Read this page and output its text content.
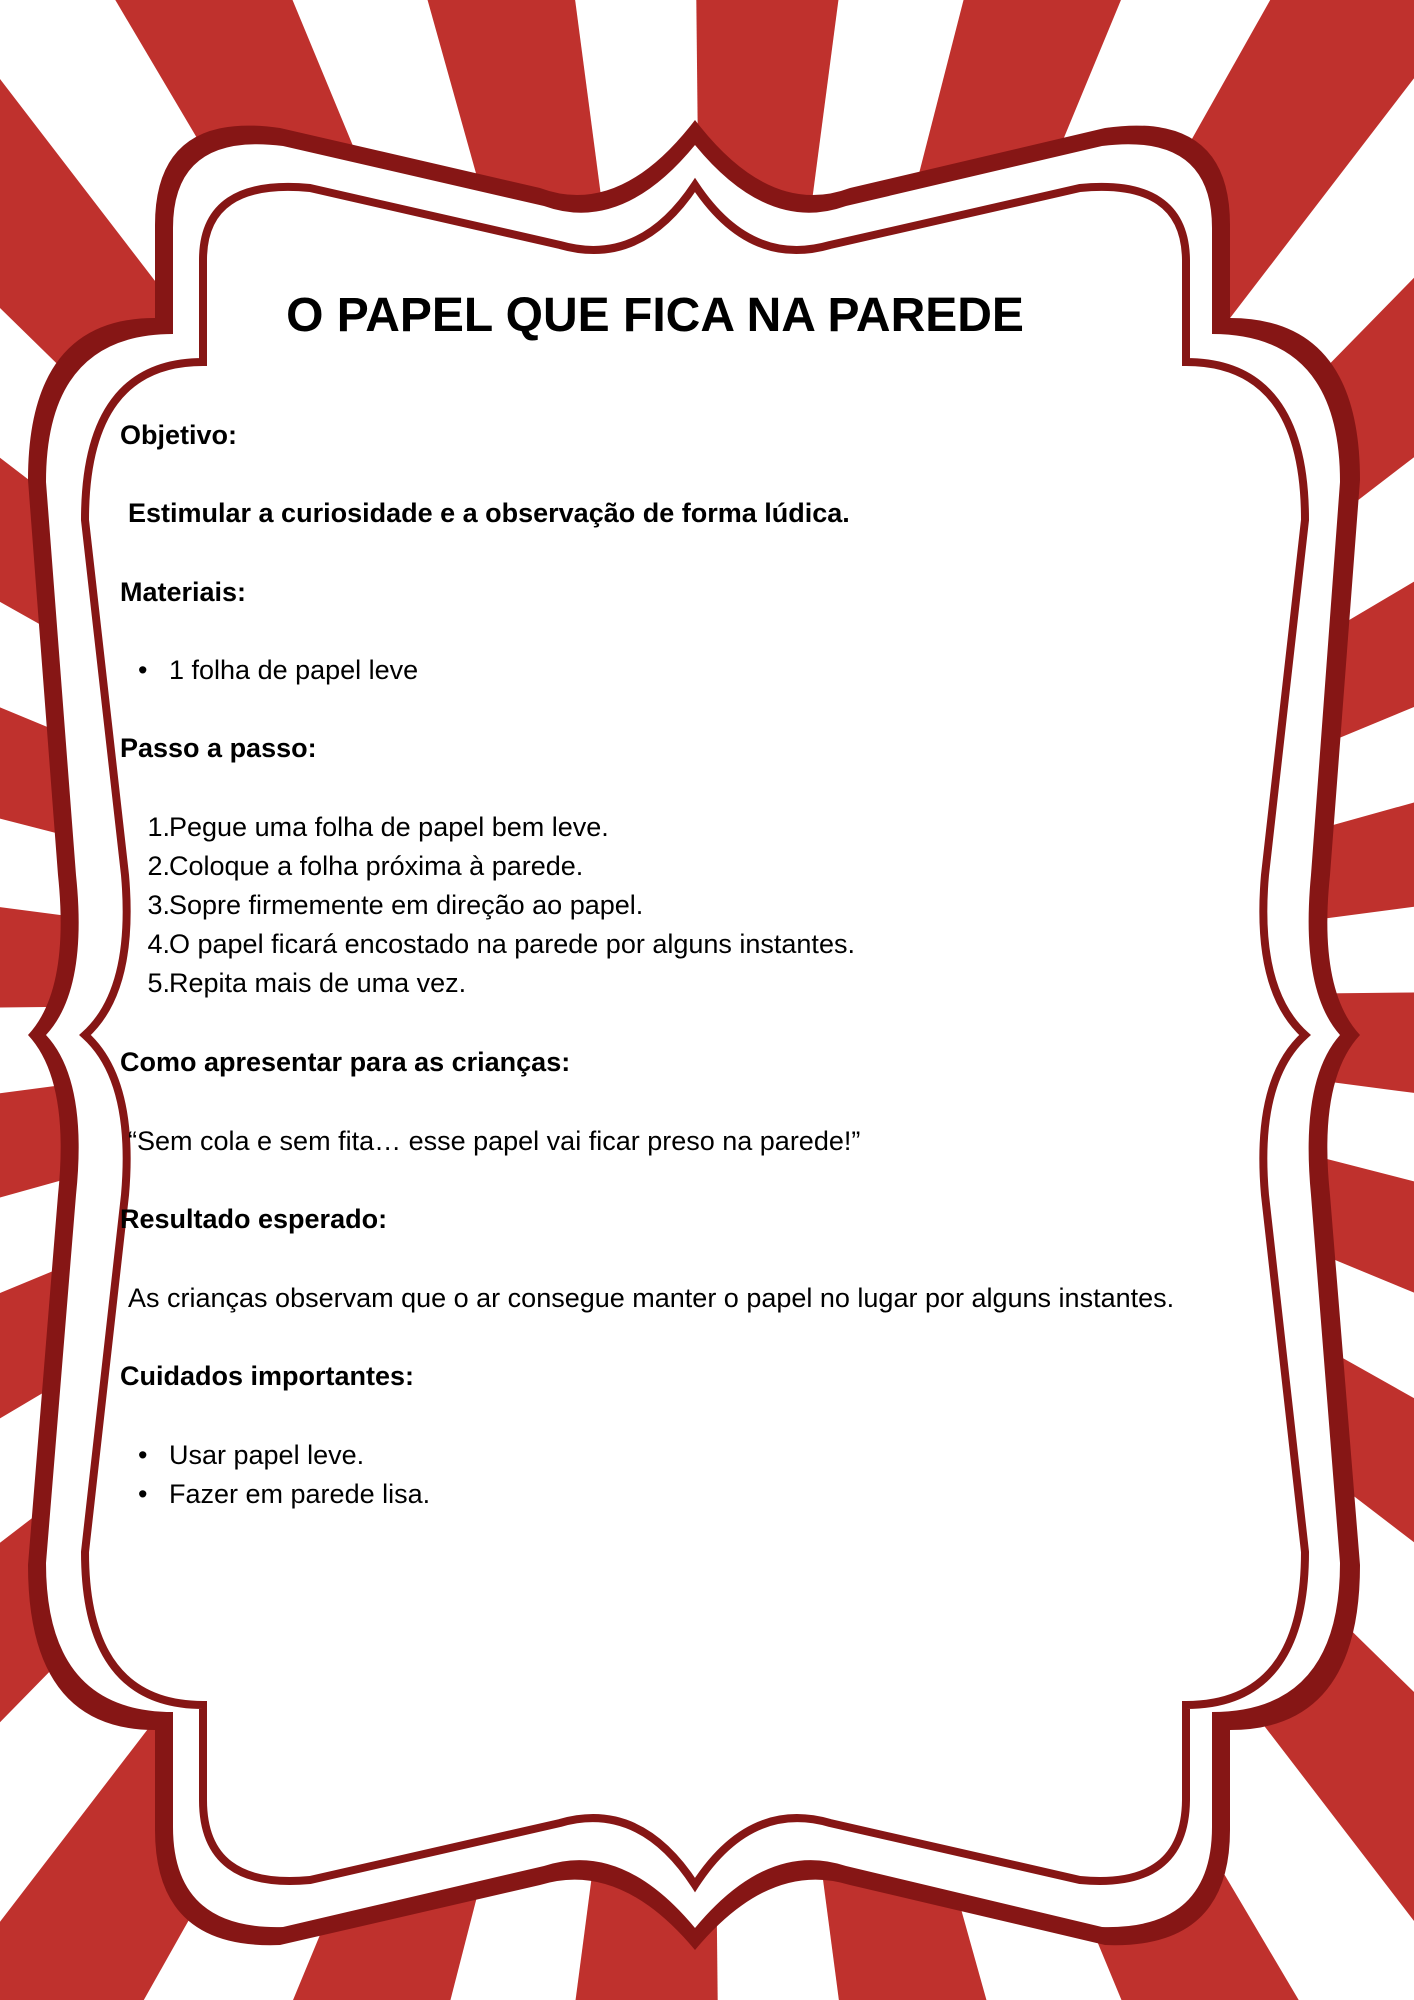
O PAPEL QUE FICA NA PAREDE

Objetivo:

Estimular a curiosidade e a observação de forma lúdica.

Materiais:

• 1 folha de papel leve

Passo a passo:

1. Pegue uma folha de papel bem leve.
2. Coloque a folha próxima à parede.
3. Sopre firmemente em direção ao papel.
4. O papel ficará encostado na parede por alguns instantes.
5. Repita mais de uma vez.

Como apresentar para as crianças:

“Sem cola e sem fita… esse papel vai ficar preso na parede!”

Resultado esperado:

As crianças observam que o ar consegue manter o papel no lugar por alguns instantes.

Cuidados importantes:

• Usar papel leve.
• Fazer em parede lisa.
